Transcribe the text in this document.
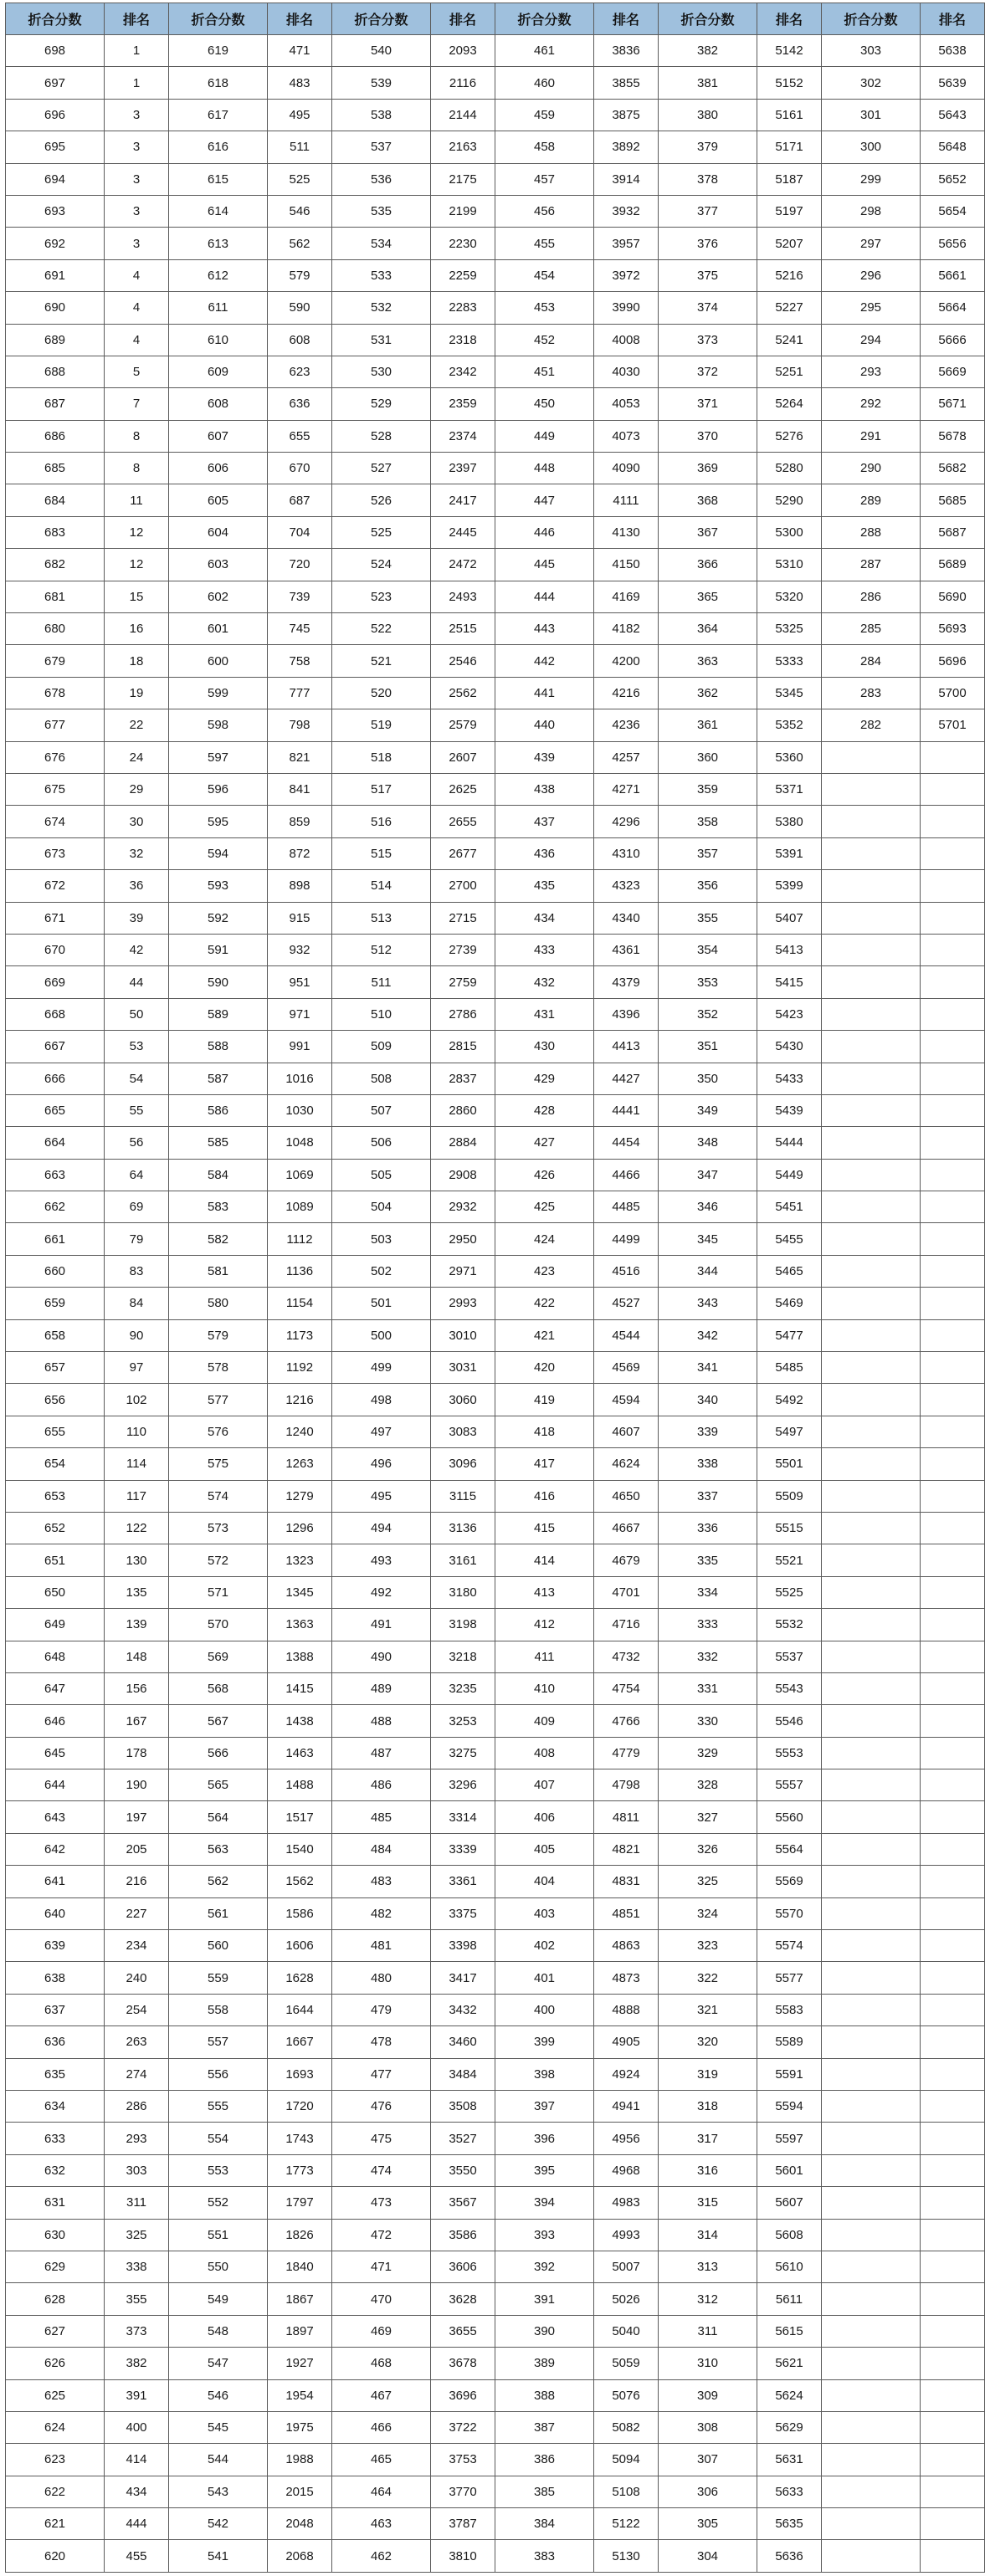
折合分数	排名	折合分数	排名	折合分数	排名	折合分数	排名	折合分数	排名	折合分数	排名
698	1	619	471	540	2093	461	3836	382	5142	303	5638
697	1	618	483	539	2116	460	3855	381	5152	302	5639
696	3	617	495	538	2144	459	3875	380	5161	301	5643
695	3	616	511	537	2163	458	3892	379	5171	300	5648
694	3	615	525	536	2175	457	3914	378	5187	299	5652
693	3	614	546	535	2199	456	3932	377	5197	298	5654
692	3	613	562	534	2230	455	3957	376	5207	297	5656
691	4	612	579	533	2259	454	3972	375	5216	296	5661
690	4	611	590	532	2283	453	3990	374	5227	295	5664
689	4	610	608	531	2318	452	4008	373	5241	294	5666
688	5	609	623	530	2342	451	4030	372	5251	293	5669
687	7	608	636	529	2359	450	4053	371	5264	292	5671
686	8	607	655	528	2374	449	4073	370	5276	291	5678
685	8	606	670	527	2397	448	4090	369	5280	290	5682
684	11	605	687	526	2417	447	4111	368	5290	289	5685
683	12	604	704	525	2445	446	4130	367	5300	288	5687
682	12	603	720	524	2472	445	4150	366	5310	287	5689
681	15	602	739	523	2493	444	4169	365	5320	286	5690
680	16	601	745	522	2515	443	4182	364	5325	285	5693
679	18	600	758	521	2546	442	4200	363	5333	284	5696
678	19	599	777	520	2562	441	4216	362	5345	283	5700
677	22	598	798	519	2579	440	4236	361	5352	282	5701
676	24	597	821	518	2607	439	4257	360	5360		
675	29	596	841	517	2625	438	4271	359	5371		
674	30	595	859	516	2655	437	4296	358	5380		
673	32	594	872	515	2677	436	4310	357	5391		
672	36	593	898	514	2700	435	4323	356	5399		
671	39	592	915	513	2715	434	4340	355	5407		
670	42	591	932	512	2739	433	4361	354	5413		
669	44	590	951	511	2759	432	4379	353	5415		
668	50	589	971	510	2786	431	4396	352	5423		
667	53	588	991	509	2815	430	4413	351	5430		
666	54	587	1016	508	2837	429	4427	350	5433		
665	55	586	1030	507	2860	428	4441	349	5439		
664	56	585	1048	506	2884	427	4454	348	5444		
663	64	584	1069	505	2908	426	4466	347	5449		
662	69	583	1089	504	2932	425	4485	346	5451		
661	79	582	1112	503	2950	424	4499	345	5455		
660	83	581	1136	502	2971	423	4516	344	5465		
659	84	580	1154	501	2993	422	4527	343	5469		
658	90	579	1173	500	3010	421	4544	342	5477		
657	97	578	1192	499	3031	420	4569	341	5485		
656	102	577	1216	498	3060	419	4594	340	5492		
655	110	576	1240	497	3083	418	4607	339	5497		
654	114	575	1263	496	3096	417	4624	338	5501		
653	117	574	1279	495	3115	416	4650	337	5509		
652	122	573	1296	494	3136	415	4667	336	5515		
651	130	572	1323	493	3161	414	4679	335	5521		
650	135	571	1345	492	3180	413	4701	334	5525		
649	139	570	1363	491	3198	412	4716	333	5532		
648	148	569	1388	490	3218	411	4732	332	5537		
647	156	568	1415	489	3235	410	4754	331	5543		
646	167	567	1438	488	3253	409	4766	330	5546		
645	178	566	1463	487	3275	408	4779	329	5553		
644	190	565	1488	486	3296	407	4798	328	5557		
643	197	564	1517	485	3314	406	4811	327	5560		
642	205	563	1540	484	3339	405	4821	326	5564		
641	216	562	1562	483	3361	404	4831	325	5569		
640	227	561	1586	482	3375	403	4851	324	5570		
639	234	560	1606	481	3398	402	4863	323	5574		
638	240	559	1628	480	3417	401	4873	322	5577		
637	254	558	1644	479	3432	400	4888	321	5583		
636	263	557	1667	478	3460	399	4905	320	5589		
635	274	556	1693	477	3484	398	4924	319	5591		
634	286	555	1720	476	3508	397	4941	318	5594		
633	293	554	1743	475	3527	396	4956	317	5597		
632	303	553	1773	474	3550	395	4968	316	5601		
631	311	552	1797	473	3567	394	4983	315	5607		
630	325	551	1826	472	3586	393	4993	314	5608		
629	338	550	1840	471	3606	392	5007	313	5610		
628	355	549	1867	470	3628	391	5026	312	5611		
627	373	548	1897	469	3655	390	5040	311	5615		
626	382	547	1927	468	3678	389	5059	310	5621		
625	391	546	1954	467	3696	388	5076	309	5624		
624	400	545	1975	466	3722	387	5082	308	5629		
623	414	544	1988	465	3753	386	5094	307	5631		
622	434	543	2015	464	3770	385	5108	306	5633		
621	444	542	2048	463	3787	384	5122	305	5635		
620	455	541	2068	462	3810	383	5130	304	5636		
